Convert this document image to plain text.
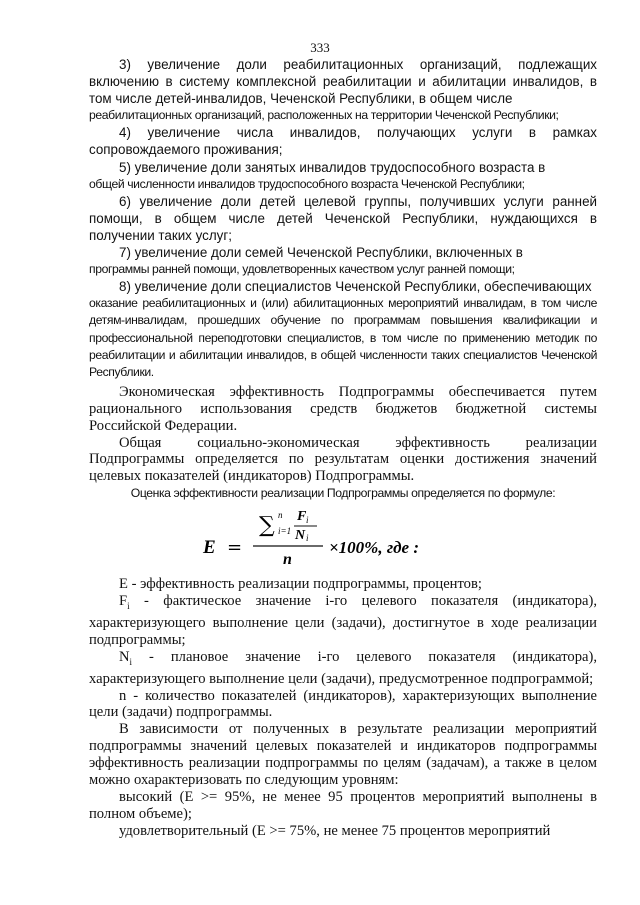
333

3) увеличение доли реабилитационных организаций, подлежащих включению в систему комплексной реабилитации и абилитации инвалидов, в том числе детей-инвалидов, Чеченской Республики, в общем числе

реабилитационных организаций, расположенных на территории Чеченской Республики;

4) увеличение числа инвалидов, получающих услуги в рамках сопровождаемого проживания;

5) увеличение доли занятых инвалидов трудоспособного возраста в

общей численности инвалидов трудоспособного возраста Чеченской Республики;

6) увеличение доли детей целевой группы, получивших услуги ранней помощи, в общем числе детей Чеченской Республики, нуждающихся в получении таких услуг;

7) увеличение доли семей Чеченской Республики, включенных в

программы ранней помощи, удовлетворенных качеством услуг ранней помощи;

8) увеличение доли специалистов Чеченской Республики, обеспечивающих

оказание реабилитационных и (или) абилитационных мероприятий инвалидам, в том числе детям-инвалидам, прошедших обучение по программам повышения квалификации и профессиональной переподготовки специалистов, в том числе по применению методик по реабилитации и абилитации инвалидов, в общей численности таких специалистов Чеченской Республики.

Экономическая эффективность Подпрограммы обеспечивается путем рационального использования средств бюджетов бюджетной системы Российской Федерации.

Общая социально-экономическая эффективность реализации Подпрограммы определяется по результатам оценки достижения значений целевых показателей (индикаторов) Подпрограммы.

Оценка эффективности реализации Подпрограммы определяется по формуле:

E =
∑ n
i=1
F i
N i
n
×100%, где :

E - эффективность реализации подпрограммы, процентов;

$F_i$ - фактическое значение i-го целевого показателя (индикатора), характеризующего выполнение цели (задачи), достигнутое в ходе реализации подпрограммы;

$N_i$ - плановое значение i-го целевого показателя (индикатора), характеризующего выполнение цели (задачи), предусмотренное подпрограммой;

n - количество показателей (индикаторов), характеризующих выполнение цели (задачи) подпрограммы.

В зависимости от полученных в результате реализации мероприятий подпрограммы значений целевых показателей и индикаторов подпрограммы эффективность реализации подпрограммы по целям (задачам), а также в целом можно охарактеризовать по следующим уровням:

высокий (E >= 95%, не менее 95 процентов мероприятий выполнены в полном объеме);

удовлетворительный (E >= 75%, не менее 75 процентов мероприятий
